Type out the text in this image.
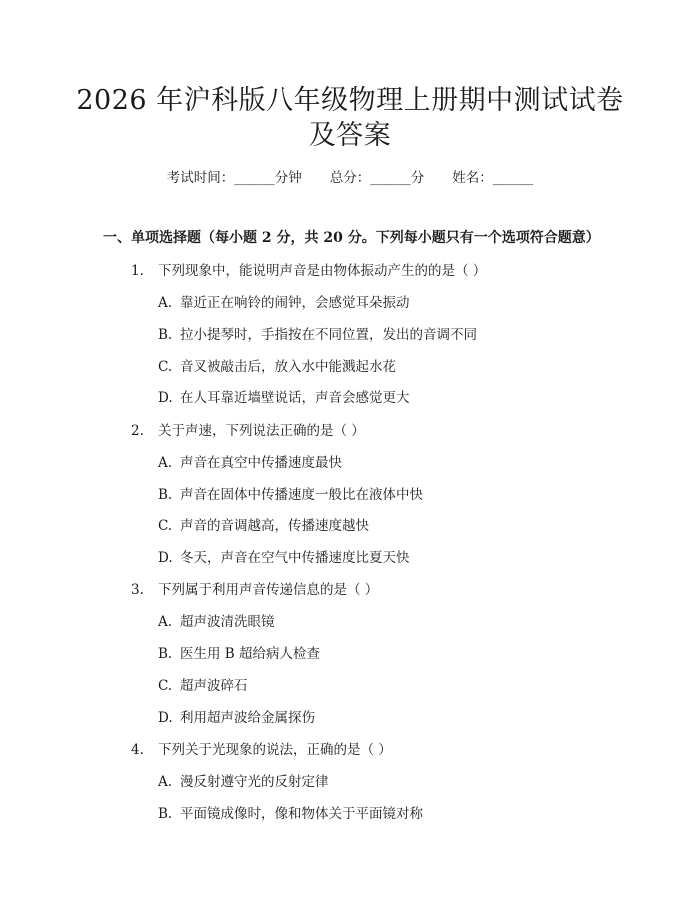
2026 年沪科版八年级物理上册期中测试试卷
及答案
考试时间：______分钟 总分：______分 姓名：______
一、单项选择题（每小题 2 分，共 20 分。下列每小题只有一个选项符合题意）
1. 下列现象中，能说明声音是由物体振动产生的的是（ ）
A. 靠近正在响铃的闹钟，会感觉耳朵振动
B. 拉小提琴时，手指按在不同位置，发出的音调不同
C. 音叉被敲击后，放入水中能溅起水花
D. 在人耳靠近墙壁说话，声音会感觉更大
2. 关于声速，下列说法正确的是（ ）
A. 声音在真空中传播速度最快
B. 声音在固体中传播速度一般比在液体中快
C. 声音的音调越高，传播速度越快
D. 冬天，声音在空气中传播速度比夏天快
3. 下列属于利用声音传递信息的是（ ）
A. 超声波清洗眼镜
B. 医生用 B 超给病人检查
C. 超声波碎石
D. 利用超声波给金属探伤
4. 下列关于光现象的说法，正确的是（ ）
A. 漫反射遵守光的反射定律
B. 平面镜成像时，像和物体关于平面镜对称
